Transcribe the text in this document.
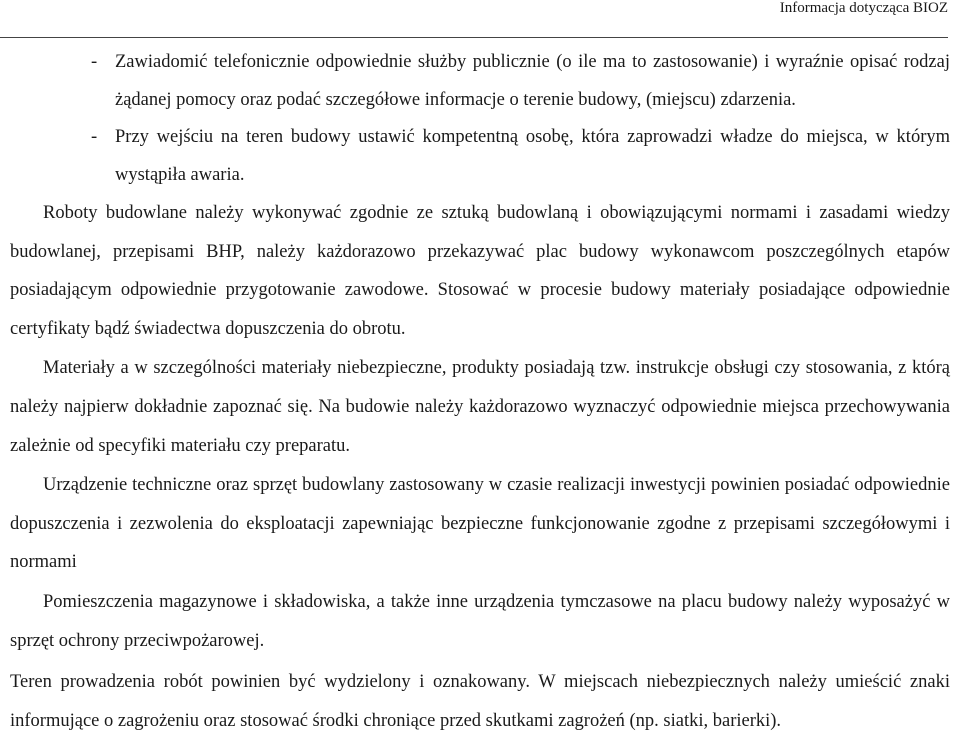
Informacja dotycząca BIOZ
- Zawiadomić telefonicznie odpowiednie służby publicznie (o ile ma to zastosowanie) i wyraźnie opisać rodzaj żądanej pomocy oraz podać szczegółowe informacje o terenie budowy, (miejscu) zdarzenia.
- Przy wejściu na teren budowy ustawić kompetentną osobę, która zaprowadzi władze do miejsca, w którym wystąpiła awaria.

Roboty budowlane należy wykonywać zgodnie ze sztuką budowlaną i obowiązującymi normami i zasadami wiedzy budowlanej, przepisami BHP, należy każdorazowo przekazywać plac budowy wykonawcom poszczególnych etapów posiadającym odpowiednie przygotowanie zawodowe. Stosować w procesie budowy materiały posiadające odpowiednie certyfikaty bądź świadectwa dopuszczenia do obrotu.

Materiały a w szczególności materiały niebezpieczne, produkty posiadają tzw. instrukcje obsługi czy stosowania, z którą należy najpierw dokładnie zapoznać się. Na budowie należy każdorazowo wyznaczyć odpowiednie miejsca przechowywania zależnie od specyfiki materiału czy preparatu.

Urządzenie techniczne oraz sprzęt budowlany zastosowany w czasie realizacji inwestycji powinien posiadać odpowiednie dopuszczenia i zezwolenia do eksploatacji zapewniając bezpieczne funkcjonowanie zgodne z przepisami szczegółowymi i normami

Pomieszczenia magazynowe i składowiska, a także inne urządzenia tymczasowe na placu budowy należy wyposażyć w sprzęt ochrony przeciwpożarowej.

Teren prowadzenia robót powinien być wydzielony i oznakowany. W miejscach niebezpiecznych należy umieścić znaki informujące o zagrożeniu oraz stosować środki chroniące przed skutkami zagrożeń (np. siatki, barierki).
